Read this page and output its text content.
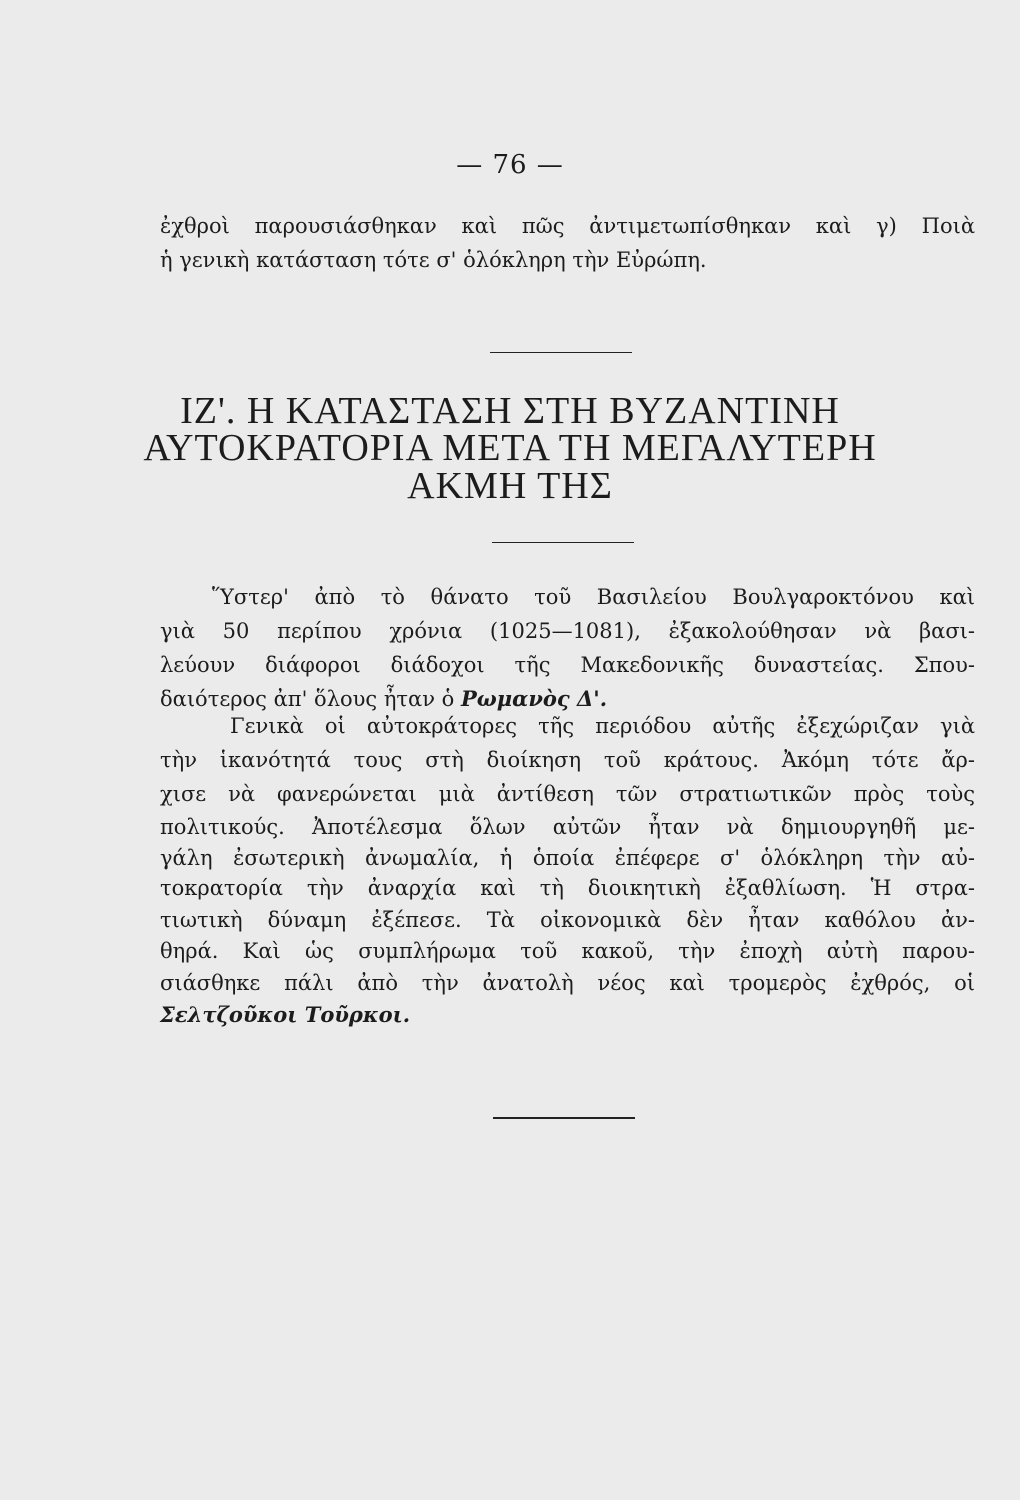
— 76 —
ἐχθροὶ παρουσιάσθηκαν καὶ πῶς ἀντιμετωπίσθηκαν καὶ γ) Ποιὰ
ἡ γενικὴ κατάσταση τότε σ' ὁλόκληρη τὴν Εὐρώπη.
ΙΖ'. Η ΚΑΤΑΣΤΑΣΗ ΣΤΗ ΒΥΖΑΝΤΙΝΗ
ΑΥΤΟΚΡΑΤΟΡΙΑ ΜΕΤΑ ΤΗ ΜΕΓΑΛΥΤΕΡΗ
ΑΚΜΗ ΤΗΣ
Ὕστερ' ἀπὸ τὸ θάνατο τοῦ Βασιλείου Βουλγαροκτόνου καὶ
γιὰ 50 περίπου χρόνια (1025—1081), ἐξακολούθησαν νὰ βασι-
λεύουν διάφοροι διάδοχοι τῆς Μακεδονικῆς δυναστείας. Σπου-
δαιότερος ἀπ' ὅλους ἦταν ὁ Ρωμανὸς Δ'.
Γενικὰ οἱ αὐτοκράτορες τῆς περιόδου αὐτῆς ἐξεχώριζαν γιὰ
τὴν ἱκανότητά τους στὴ διοίκηση τοῦ κράτους. Ἀκόμη τότε ἄρ-
χισε νὰ φανερώνεται μιὰ ἀντίθεση τῶν στρατιωτικῶν πρὸς τοὺς
πολιτικούς. Ἀποτέλεσμα ὅλων αὐτῶν ἦταν νὰ δημιουργηθῆ με-
γάλη ἐσωτερικὴ ἀνωμαλία, ἡ ὁποία ἐπέφερε σ' ὁλόκληρη τὴν αὐ-
τοκρατορία τὴν ἀναρχία καὶ τὴ διοικητικὴ ἐξαθλίωση. Ἡ στρα-
τιωτικὴ δύναμη ἐξέπεσε. Τὰ οἰκονομικὰ δὲν ἦταν καθόλου ἀν-
θηρά. Καὶ ὡς συμπλήρωμα τοῦ κακοῦ, τὴν ἐποχὴ αὐτὴ παρου-
σιάσθηκε πάλι ἀπὸ τὴν ἀνατολὴ νέος καὶ τρομερὸς ἐχθρός, οἱ
Σελτζοῦκοι Τοῦρκοι.
